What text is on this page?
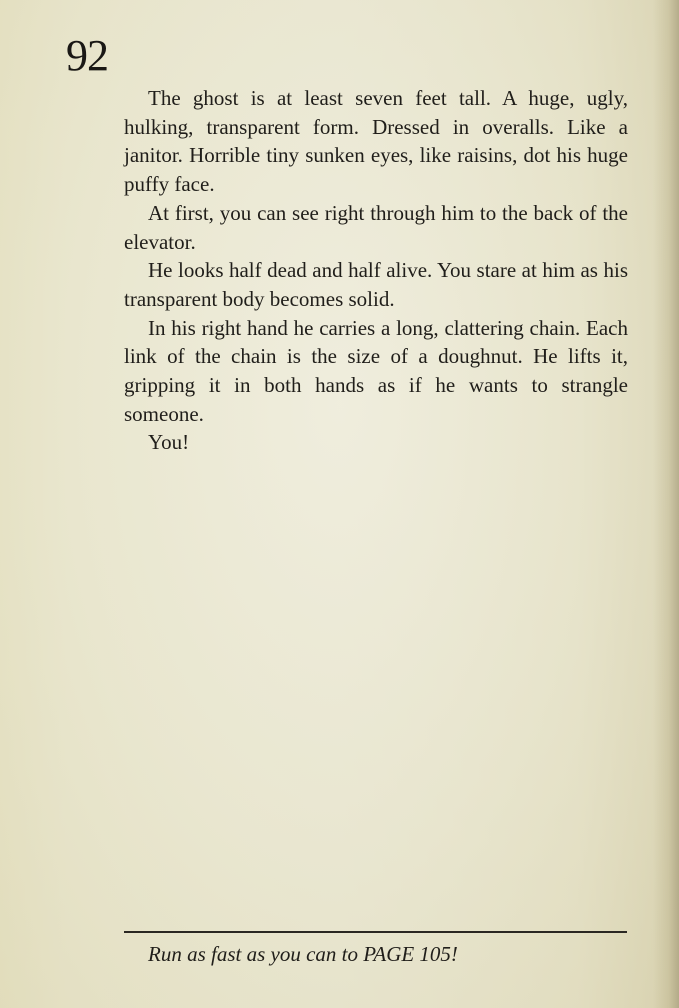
92

The ghost is at least seven feet tall. A huge, ugly, hulking, transparent form. Dressed in overalls. Like a janitor. Horrible tiny sunken eyes, like raisins, dot his huge puffy face.

At first, you can see right through him to the back of the elevator.

He looks half dead and half alive. You stare at him as his transparent body becomes solid.

In his right hand he carries a long, clattering chain. Each link of the chain is the size of a doughnut. He lifts it, gripping it in both hands as if he wants to strangle someone.

You!

Run as fast as you can to PAGE 105!
